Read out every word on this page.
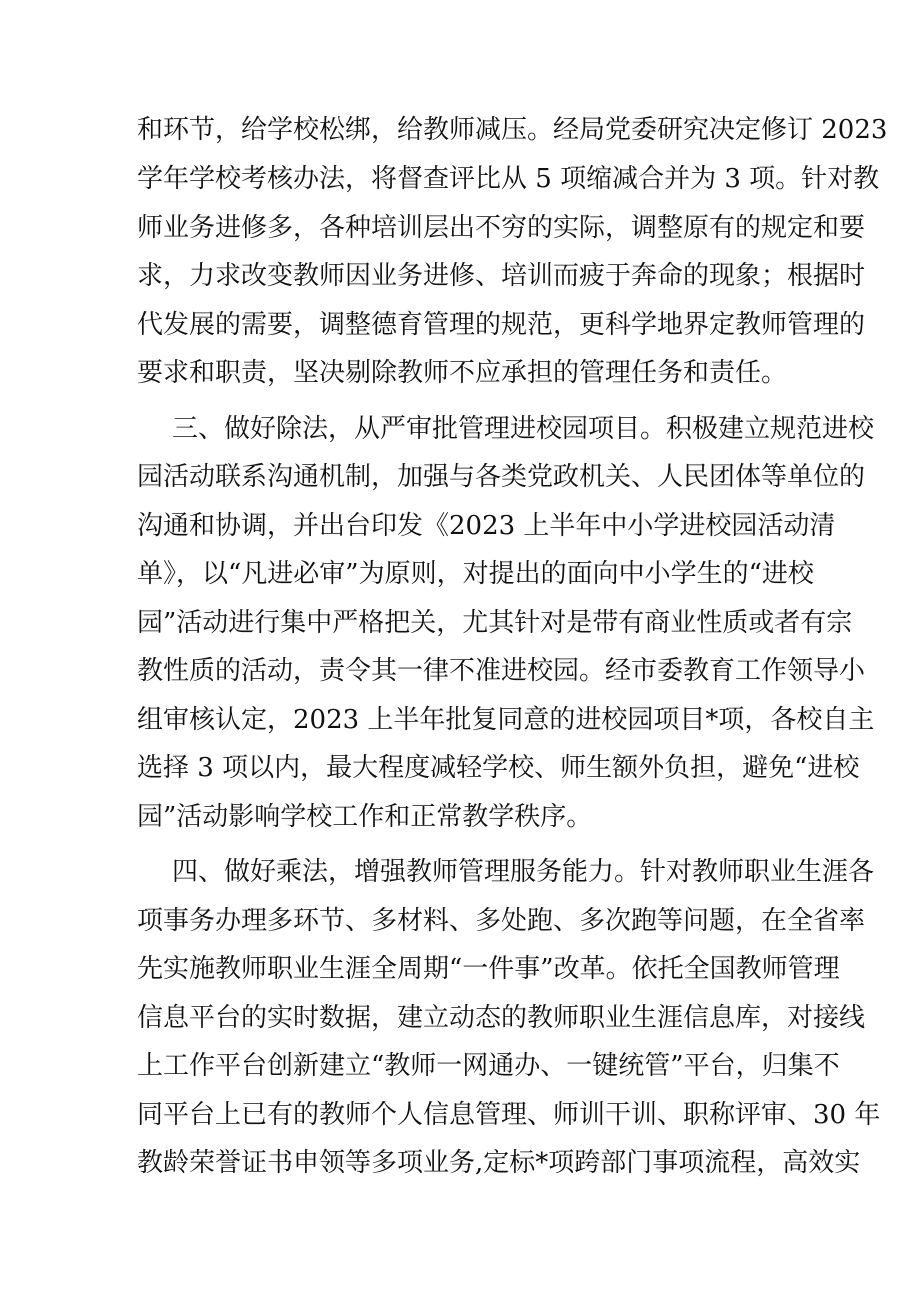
和环节，给学校松绑，给教师减压。经局党委研究决定修订 2023
学年学校考核办法，将督查评比从 5 项缩减合并为 3 项。针对教
师业务进修多，各种培训层出不穷的实际，调整原有的规定和要
求，力求改变教师因业务进修、培训而疲于奔命的现象；根据时
代发展的需要，调整德育管理的规范，更科学地界定教师管理的
要求和职责，坚决剔除教师不应承担的管理任务和责任。
三、做好除法，从严审批管理进校园项目。积极建立规范进校
园活动联系沟通机制，加强与各类党政机关、人民团体等单位的
沟通和协调，并出台印发《2023 上半年中小学进校园活动清
单》，以“凡进必审”为原则，对提出的面向中小学生的“进校
园”活动进行集中严格把关，尤其针对是带有商业性质或者有宗
教性质的活动，责令其一律不准进校园。经市委教育工作领导小
组审核认定，2023 上半年批复同意的进校园项目*项，各校自主
选择 3 项以内，最大程度减轻学校、师生额外负担，避免“进校
园”活动影响学校工作和正常教学秩序。
四、做好乘法，增强教师管理服务能力。针对教师职业生涯各
项事务办理多环节、多材料、多处跑、多次跑等问题，在全省率
先实施教师职业生涯全周期“一件事”改革。依托全国教师管理
信息平台的实时数据，建立动态的教师职业生涯信息库，对接线
上工作平台创新建立“教师一网通办、一键统管”平台，归集不
同平台上已有的教师个人信息管理、师训干训、职称评审、30 年
教龄荣誉证书申领等多项业务,定标*项跨部门事项流程，高效实
